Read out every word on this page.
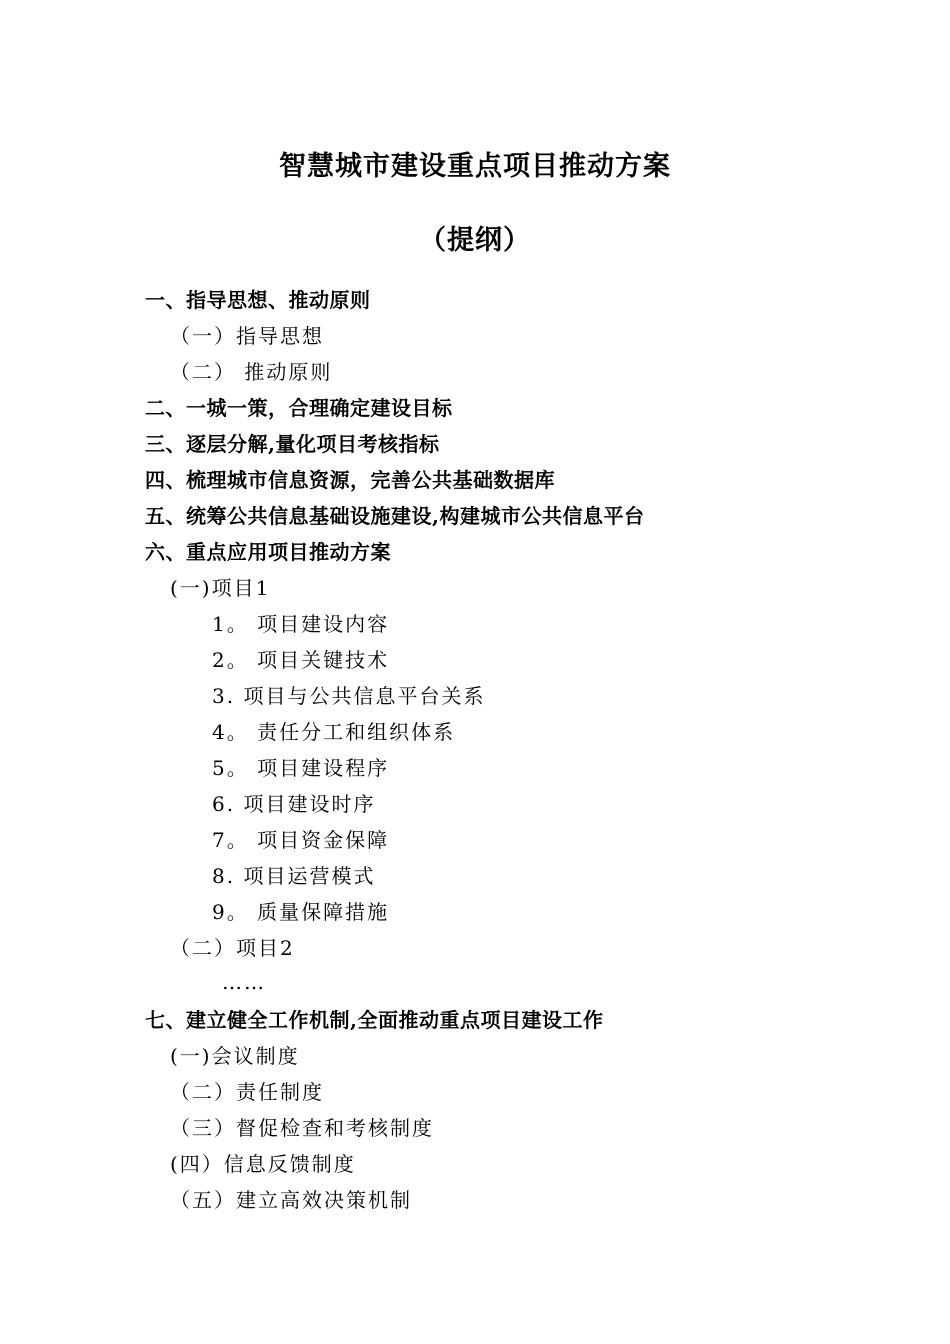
智慧城市建设重点项目推动方案
（提纲）
一、指导思想、推动原则
（一）指导思想
（二） 推动原则
二、一城一策，合理确定建设目标
三、逐层分解,量化项目考核指标
四、梳理城市信息资源，完善公共基础数据库
五、统筹公共信息基础设施建设,构建城市公共信息平台
六、重点应用项目推动方案
(一)项目1
1。 项目建设内容
2。 项目关键技术
3. 项目与公共信息平台关系
4。 责任分工和组织体系
5。 项目建设程序
6. 项目建设时序
7。 项目资金保障
8. 项目运营模式
9。 质量保障措施
（二）项目2
……
七、建立健全工作机制,全面推动重点项目建设工作
(一)会议制度
（二）责任制度
（三）督促检查和考核制度
(四）信息反馈制度
（五）建立高效决策机制
